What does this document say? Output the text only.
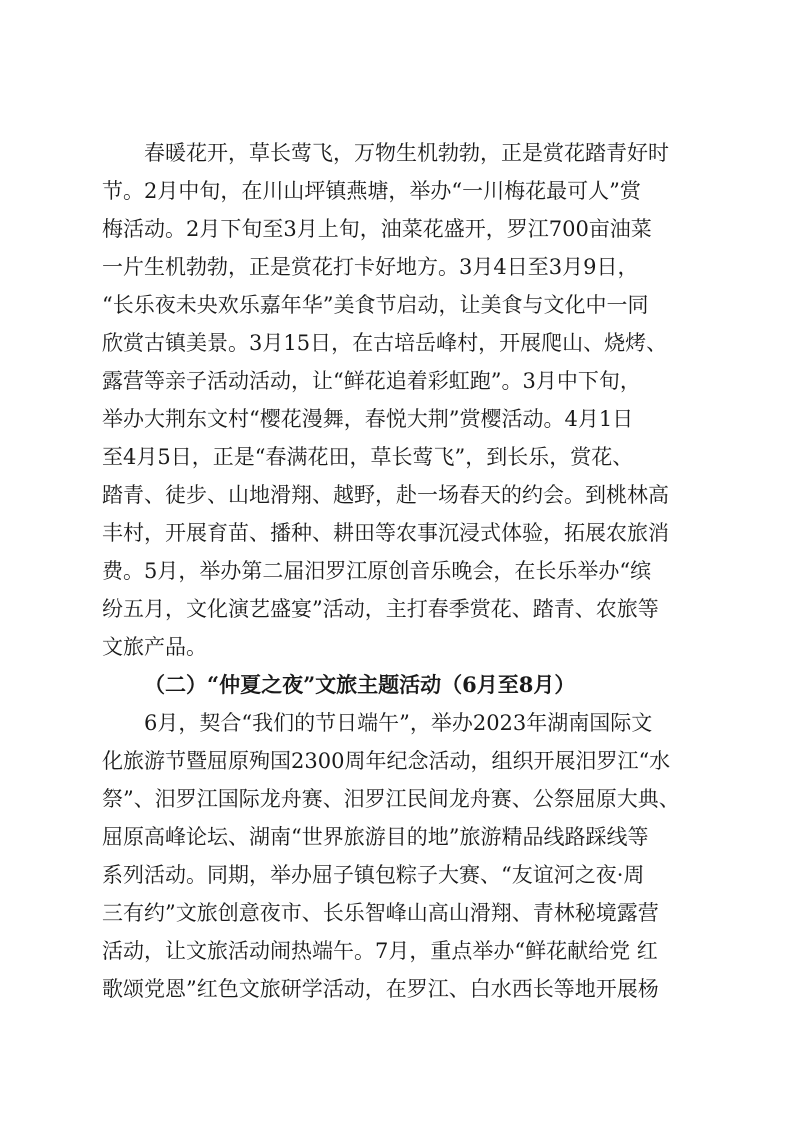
春暖花开，草长莺飞，万物生机勃勃，正是赏花踏青好时
节。2月中旬，在川山坪镇燕塘，举办“一川梅花最可人”赏
梅活动。2月下旬至3月上旬，油菜花盛开，罗江700亩油菜
一片生机勃勃，正是赏花打卡好地方。3月4日至3月9日，
“长乐夜未央欢乐嘉年华”美食节启动，让美食与文化中一同
欣赏古镇美景。3月15日，在古培岳峰村，开展爬山、烧烤、
露营等亲子活动活动，让“鲜花追着彩虹跑”。3月中下旬，
举办大荆东文村“樱花漫舞，春悦大荆”赏樱活动。4月1日
至4月5日，正是“春满花田，草长莺飞”，到长乐，赏花、
踏青、徒步、山地滑翔、越野，赴一场春天的约会。到桃林高
丰村，开展育苗、播种、耕田等农事沉浸式体验，拓展农旅消
费。5月，举办第二届汨罗江原创音乐晚会，在长乐举办“缤
纷五月，文化演艺盛宴”活动，主打春季赏花、踏青、农旅等
文旅产品。
（二）“仲夏之夜”文旅主题活动（6月至8月）
6月，契合“我们的节日端午”，举办2023年湖南国际文
化旅游节暨屈原殉国2300周年纪念活动，组织开展汨罗江“水
祭”、汨罗江国际龙舟赛、汨罗江民间龙舟赛、公祭屈原大典、
屈原高峰论坛、湖南“世界旅游目的地”旅游精品线路踩线等
系列活动。同期，举办屈子镇包粽子大赛、“友谊河之夜·周
三有约”文旅创意夜市、长乐智峰山高山滑翔、青林秘境露营
活动，让文旅活动闹热端午。7月，重点举办“鲜花献给党 红
歌颂党恩”红色文旅研学活动，在罗江、白水西长等地开展杨
